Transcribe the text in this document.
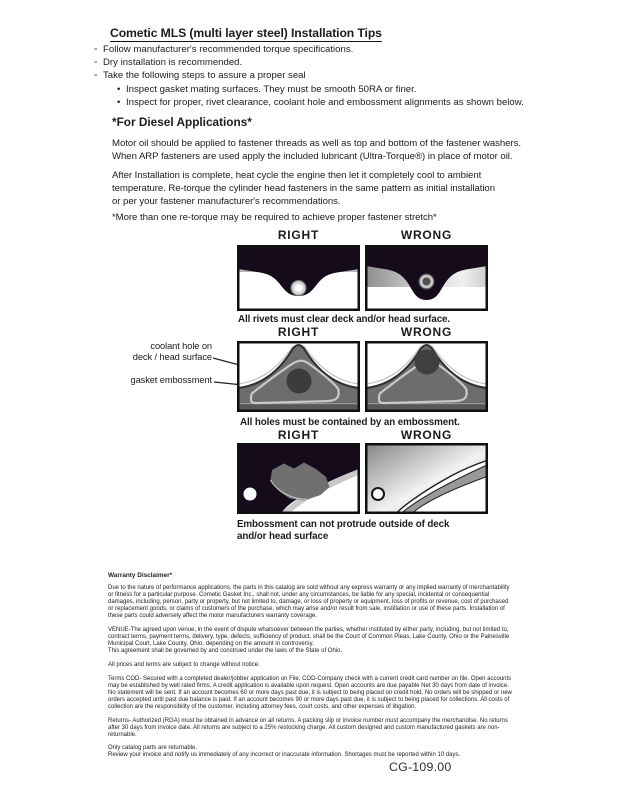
Cometic MLS (multi layer steel) Installation Tips
◦ Follow manufacturer's recommended torque specifications.
◦ Dry installation is recommended.
◦ Take the following steps to assure a proper seal
• Inspect gasket mating surfaces. They must be smooth 50RA or finer.
• Inspect for proper, rivet clearance, coolant hole and embossment alignments as shown below.
*For Diesel Applications*
Motor oil should be applied to fastener threads as well as top and bottom of the fastener washers.
When ARP fasteners are used apply the included lubricant (Ultra-Torque®) in place of motor oil.
After Installation is complete, heat cycle the engine then let it completely cool to ambient
temperature. Re-torque the cylinder head fasteners in the same pattern as initial installation
or per your fastener manufacturer's recommendations.
*More than one re-torque may be required to achieve proper fastener stretch*
RIGHT	WRONG
All rivets must clear deck and/or head surface.
RIGHT	WRONG
coolant hole on
deck / head surface
gasket embossment
All holes must be contained by an embossment.
RIGHT	WRONG
Embossment can not protrude outside of deck
and/or head surface
Warranty Disclaimer*

Due to the nature of performance applications, the parts in this catalog are sold without any express warranty or any implied warranty of merchantability or fitness for a particular purpose. Cometic Gasket Inc., shall not, under any circumstances, be liable for any special, incidental or consequential damages, including, person, party or property, but not limited to, damage, or loss of property or equipment, loss of profits or revenue, cost of purchased or replacement goods, or claims of customers of the purchase, which may arise and/or result from sale, instillation or use of these parts. Installation of these parts could adversely affect the motor manufacturers warranty coverage.

VENUE-The agreed upon venue, in the event of dispute whatsoever between the parties, whether instituted by either party, including, but not limited to, contract terms, payment terms, delivery, type, defects, sufficiency of product, shall be the Court of Common Pleas, Lake County, Ohio or the Painesville Municipal Court, Lake County, Ohio, depending on the amount in controversy.
This agreement shall be governed by and construed under the laws of the State of Ohio.

All prices and terms are subject to change without notice.

Terms COD- Secured with a completed dealer/jobber application on File, COD-Company check with a current credit card number on file. Open accounts may be established by well rated firms. A credit application is available upon request. Open accounts are due payable Net 30 days from date of invoice. No statement will be sent. If an account becomes 60 or more days past due, it is subject to being placed on credit hold. No orders will be shipped or new orders accepted until past due balance is paid. If an account becomes 90 or more days past due, it is subject to being placed for collections. All costs of collection are the responsibility of the customer, including attorney fees, court costs, and other expenses of litigation.

Returns- Authorized (RGA) must be obtained in advance on all returns. A packing slip or invoice number must accompany the merchandise. No returns after 30 days from invoice date. All returns are subject to a 25% restocking charge. All custom designed and custom manufactured gaskets are non-returnable.

Only catalog parts are returnable.
Review your invoice and notify us immediately of any incorrect or inaccurate information. Shortages must be reported within 10 days.
CG-109.00
